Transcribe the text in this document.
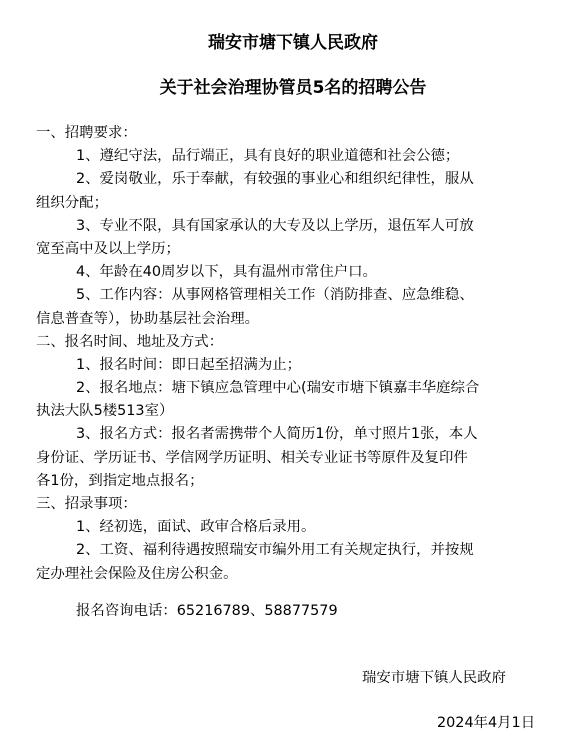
瑞安市塘下镇人民政府
关于社会治理协管员5名的招聘公告
一、招聘要求：
1、遵纪守法，品行端正，具有良好的职业道德和社会公德；
2、爱岗敬业，乐于奉献，有较强的事业心和组织纪律性，服从
组织分配；
3、专业不限，具有国家承认的大专及以上学历，退伍军人可放
宽至高中及以上学历；
4、年龄在40周岁以下，具有温州市常住户口。
5、工作内容：从事网格管理相关工作（消防排查、应急维稳、
信息普查等），协助基层社会治理。
二、报名时间、地址及方式：
1、报名时间：即日起至招满为止；
2、报名地点：塘下镇应急管理中心(瑞安市塘下镇嘉丰华庭综合
执法大队5楼513室）
3、报名方式：报名者需携带个人简历1份，单寸照片1张，本人
身份证、学历证书、学信网学历证明、相关专业证书等原件及复印件
各1份，到指定地点报名；
三、招录事项：
1、经初选，面试、政审合格后录用。
2、工资、福利待遇按照瑞安市编外用工有关规定执行，并按规
定办理社会保险及住房公积金。
报名咨询电话：65216789、58877579
瑞安市塘下镇人民政府
2024年4月1日
